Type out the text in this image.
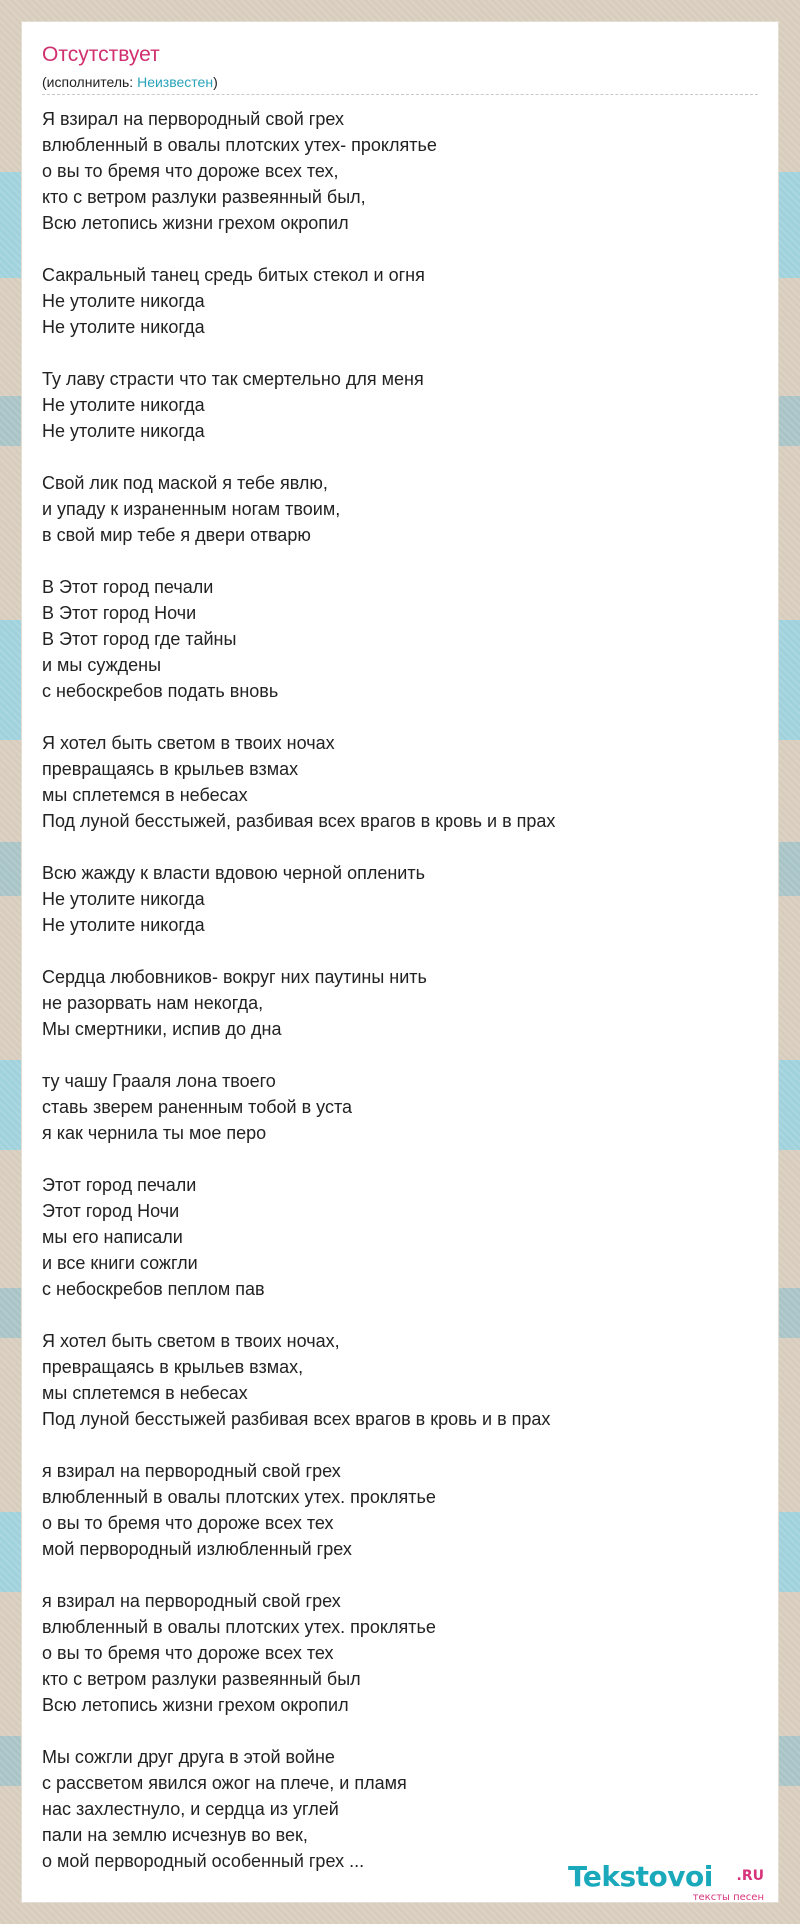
Отсутствует
(исполнитель: Неизвестен)
Я взирал на первородный свой грех
влюбленный в овалы плотских утех- проклятье
о вы то бремя что дороже всех тех,
кто с ветром разлуки развеянный был,
Всю летопись жизни грехом окропил
Сакральный танец средь битых стекол и огня
Не утолите никогда
Не утолите никогда
Ту лаву страсти что так смертельно для меня
Не утолите никогда
Не утолите никогда
Свой лик под маской я тебе явлю,
и упаду к израненным ногам твоим,
в свой мир тебе я двери отварю
В Этот город печали
В Этот город Ночи
В Этот город где тайны
и мы суждены
с небоскребов подать вновь
Я хотел быть светом в твоих ночах
превращаясь в крыльев взмах
мы сплетемся в небесах
Под луной бесстыжей, разбивая всех врагов в кровь и в прах
Всю жажду к власти вдовою черной опленить
Не утолите никогда
Не утолите никогда
Сердца любовников- вокруг них паутины нить
не разорвать нам некогда,
Мы смертники, испив до дна
ту чашу Грааля лона твоего
ставь зверем раненным тобой в уста
я как чернила ты мое перо
Этот город печали
Этот город Ночи
мы его написали
и все книги сожгли
с небоскребов пеплом пав
Я хотел быть светом в твоих ночах,
превращаясь в крыльев взмах,
мы сплетемся в небесах
Под луной бесстыжей разбивая всех врагов в кровь и в прах
я взирал на первородный свой грех
влюбленный в овалы плотских утех. проклятье
о вы то бремя что дороже всех тех
мой первородный излюбленный грех
я взирал на первородный свой грех
влюбленный в овалы плотских утех. проклятье
о вы то бремя что дороже всех тех
кто с ветром разлуки развеянный был
Всю летопись жизни грехом окропил
Мы сожгли друг друга в этой войне
с рассветом явился ожог на плече, и пламя
нас захлестнуло, и сердца из углей
пали на землю исчезнув во век,
о мой первородный особенный грех ...	Tekstovoi .RU
тексты песен
